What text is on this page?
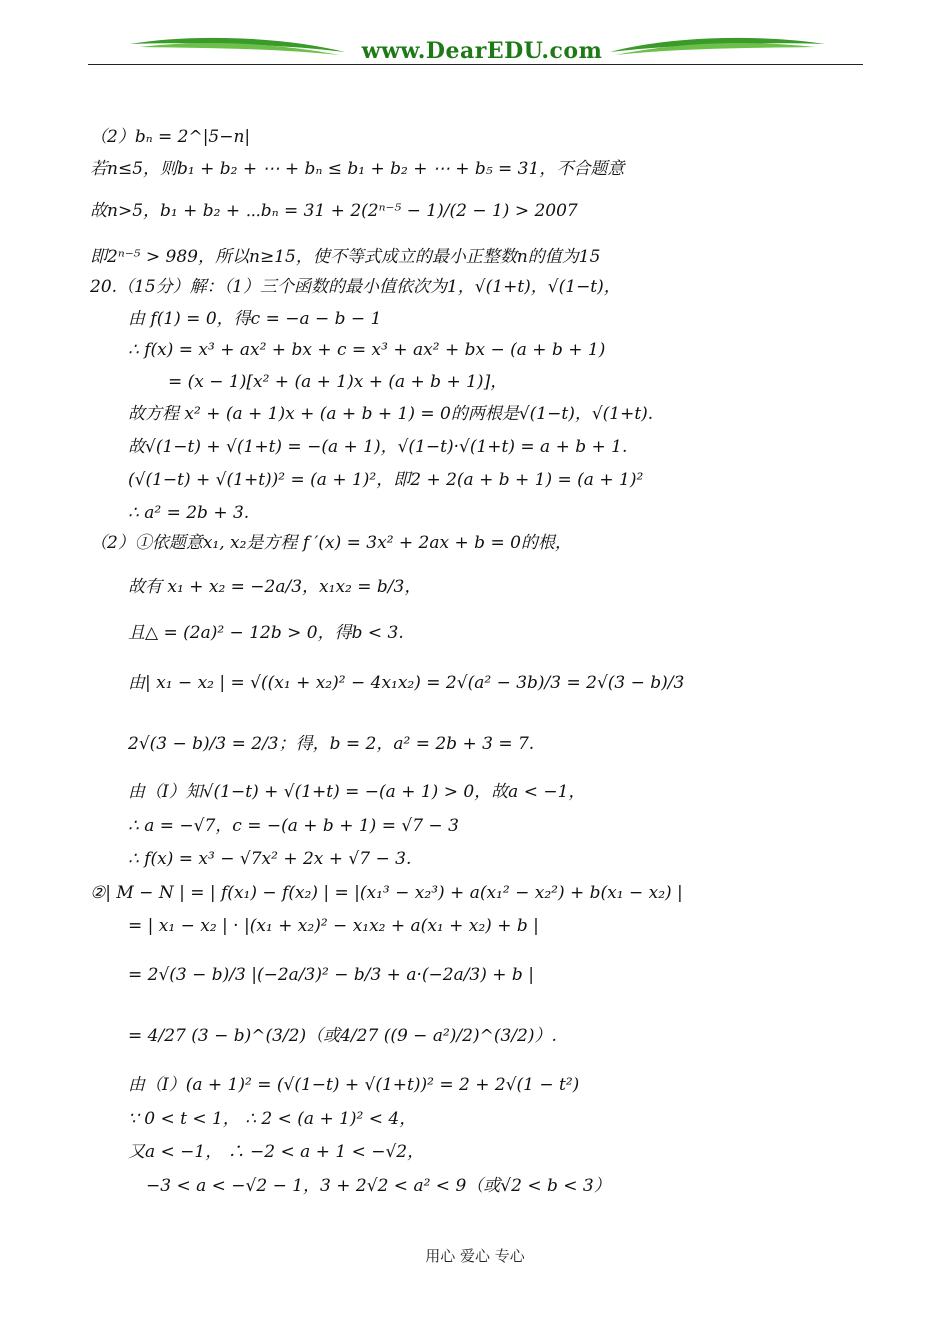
www.DearEDU.com
（2）bₙ = 2^|5−n|
若n≤5，则b₁ + b₂ + ⋯ + bₙ ≤ b₁ + b₂ + ⋯ + b₅ = 31，不合题意
故n>5，b₁ + b₂ + ⋯bₙ = 31 + 2(2ⁿ⁻⁵ − 1)/(2 − 1) > 2007
即2ⁿ⁻⁵ > 989，所以n≥15，使不等式成立的最小正整数n的值为15
20.（15分）解：（1）三个函数的最小值依次为1，√(1+t)，√(1−t)，
由 f(1) = 0，得c = −a − b − 1
∴ f(x) = x³ + ax² + bx + c = x³ + ax² + bx − (a + b + 1)
= (x − 1)[x² + (a + 1)x + (a + b + 1)]，
故方程 x² + (a + 1)x + (a + b + 1) = 0的两根是√(1−t)，√(1+t).
故√(1−t) + √(1+t) = −(a + 1)，√(1−t)·√(1+t) = a + b + 1.
(√(1−t) + √(1+t))² = (a + 1)²，即2 + 2(a + b + 1) = (a + 1)²
∴ a² = 2b + 3.
（2）①依题意x₁, x₂是方程 f ′(x) = 3x² + 2ax + b = 0的根，
故有 x₁ + x₂ = −2a/3，x₁x₂ = b/3，
且△ = (2a)² − 12b > 0，得b < 3.
由| x₁ − x₂ | = √((x₁ + x₂)² − 4x₁x₂) = 2√(a² − 3b)/3 = 2√(3 − b)/3
2√(3 − b)/3 = 2/3；得，b = 2，a² = 2b + 3 = 7.
由（Ⅰ）知√(1−t) + √(1+t) = −(a + 1) > 0，故a < −1，
∴ a = −√7，c = −(a + b + 1) = √7 − 3
∴ f(x) = x³ − √7x² + 2x + √7 − 3.
②| M − N | = | f(x₁) − f(x₂) | = |(x₁³ − x₂³) + a(x₁² − x₂²) + b(x₁ − x₂) |
= | x₁ − x₂ | · |(x₁ + x₂)² − x₁x₂ + a(x₁ + x₂) + b |
= 2√(3 − b)/3 |(−2a/3)² − b/3 + a·(−2a/3) + b |
= 4/27 (3 − b)^(3/2)（或4/27 ((9 − a²)/2)^(3/2)）.
由（Ⅰ）(a + 1)² = (√(1−t) + √(1+t))² = 2 + 2√(1 − t²)
∵ 0 < t < 1， ∴ 2 < (a + 1)² < 4，
又a < −1， ∴ −2 < a + 1 < −√2，
−3 < a < −√2 − 1，3 + 2√2 < a² < 9（或√2 < b < 3）
用心 爱心 专心
